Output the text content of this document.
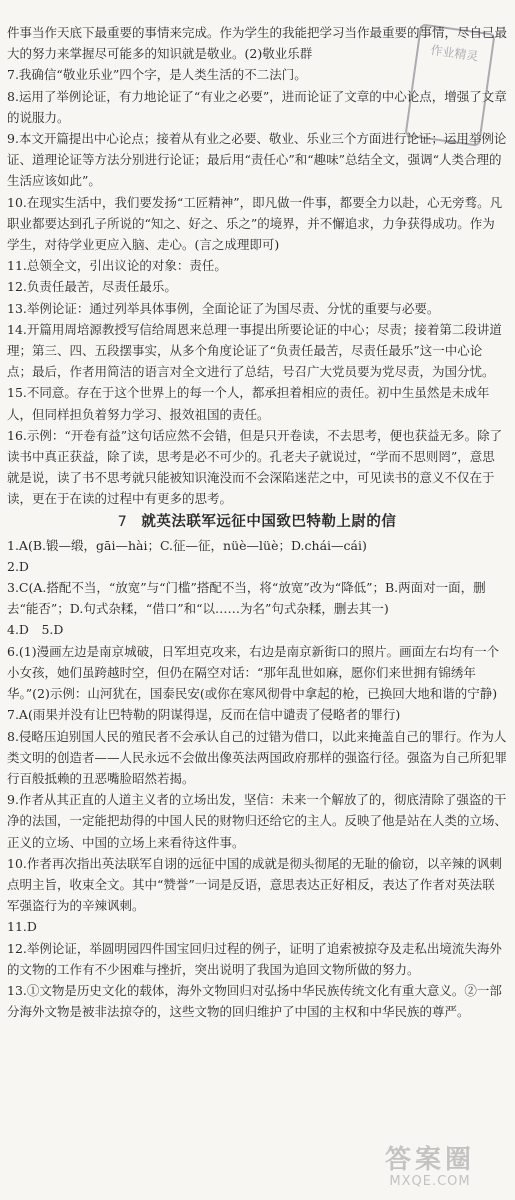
作业精灵

件事当作天底下最重要的事情来完成。作为学生的我能把学习当作最重要的事情，尽自己最大的努力来掌握尽可能多的知识就是敬业。(2)敬业乐群

7.我确信“敬业乐业”四个字，是人类生活的不二法门。

8.运用了举例论证，有力地论证了“有业之必要”，进而论证了文章的中心论点，增强了文章的说服力。

9.本文开篇提出中心论点；接着从有业之必要、敬业、乐业三个方面进行论证；运用举例论证、道理论证等方法分别进行论证；最后用“责任心”和“趣味”总结全文，强调“人类合理的生活应该如此”。

10.在现实生活中，我们要发扬“工匠精神”，即凡做一件事，都要全力以赴，心无旁骛。凡职业都要达到孔子所说的“知之、好之、乐之”的境界，并不懈追求，力争获得成功。作为学生，对待学业更应入脑、走心。(言之成理即可)

11.总领全文，引出议论的对象：责任。

12.负责任最苦，尽责任最乐。

13.举例论证：通过列举具体事例，全面论证了为国尽责、分忧的重要与必要。

14.开篇用周培源教授写信给周恩来总理一事提出所要论证的中心；尽责；接着第二段讲道理；第三、四、五段摆事实，从多个角度论证了“负责任最苦，尽责任最乐”这一中心论点；最后，作者用简洁的语言对全文进行了总结，号召广大党员要为党尽责，为国分忧。

15.不同意。存在于这个世界上的每一个人，都承担着相应的责任。初中生虽然是未成年人，但同样担负着努力学习、报效祖国的责任。

16.示例：“开卷有益”这句话应然不会错，但是只开卷读，不去思考，便也获益无多。除了读书中真正获益，除了读，思考是必不可少的。孔老夫子就说过，“学而不思则罔”，意思就是说，读了书不思考就只能被知识淹没而不会深陷迷茫之中，可见读书的意义不仅在于读，更在于在读的过程中有更多的思考。

7 就英法联军远征中国致巴特勒上尉的信

1.A(B.锻—缎，gāi—hài；C.征—征，nüè—lüè；D.chái—cái)

2.D

3.C(A.搭配不当，“放宽”与“门槛”搭配不当，将“放宽”改为“降低”；B.两面对一面，删去“能否”；D.句式杂糅，“借口”和“以……为名”句式杂糅，删去其一)

4.D　5.D

6.(1)漫画左边是南京城破，日军坦克攻来，右边是南京新街口的照片。画面左右均有一个小女孩，她们虽跨越时空，但仍在隔空对话：“那年乱世如麻，愿你们来世拥有锦绣年华。”(2)示例：山河犹在，国泰民安(或你在寒风彻骨中拿起的枪，已换回大地和谐的宁静)

7.A(雨果并没有让巴特勒的阴谋得逞，反而在信中谴责了侵略者的罪行)

8.侵略压迫别国人民的殖民者不会承认自己的过错为借口，以此来掩盖自己的罪行。作为人类文明的创造者——人民永远不会做出像英法两国政府那样的强盗行径。强盗为自己所犯罪行百般抵赖的丑恶嘴脸昭然若揭。

9.作者从其正直的人道主义者的立场出发，坚信：未来一个解放了的，彻底清除了强盗的干净的法国，一定能把劫得的中国人民的财物归还给它的主人。反映了他是站在人类的立场、正义的立场、中国的立场上来看待这件事。

10.作者再次指出英法联军自诩的远征中国的成就是彻头彻尾的无耻的偷窃，以辛辣的讽刺点明主旨，收束全文。其中“赞誉”一词是反语，意思表达正好相反，表达了作者对英法联军强盗行为的辛辣讽刺。

11.D

12.举例论证，举圆明园四件国宝回归过程的例子，证明了追索被掠夺及走私出境流失海外的文物的工作有不少困难与挫折，突出说明了我国为追回文物所做的努力。

13.①文物是历史文化的载体，海外文物回归对弘扬中华民族传统文化有重大意义。②一部分海外文物是被非法掠夺的，这些文物的回归维护了中国的主权和中华民族的尊严。

答案圈
MXQE.COM
